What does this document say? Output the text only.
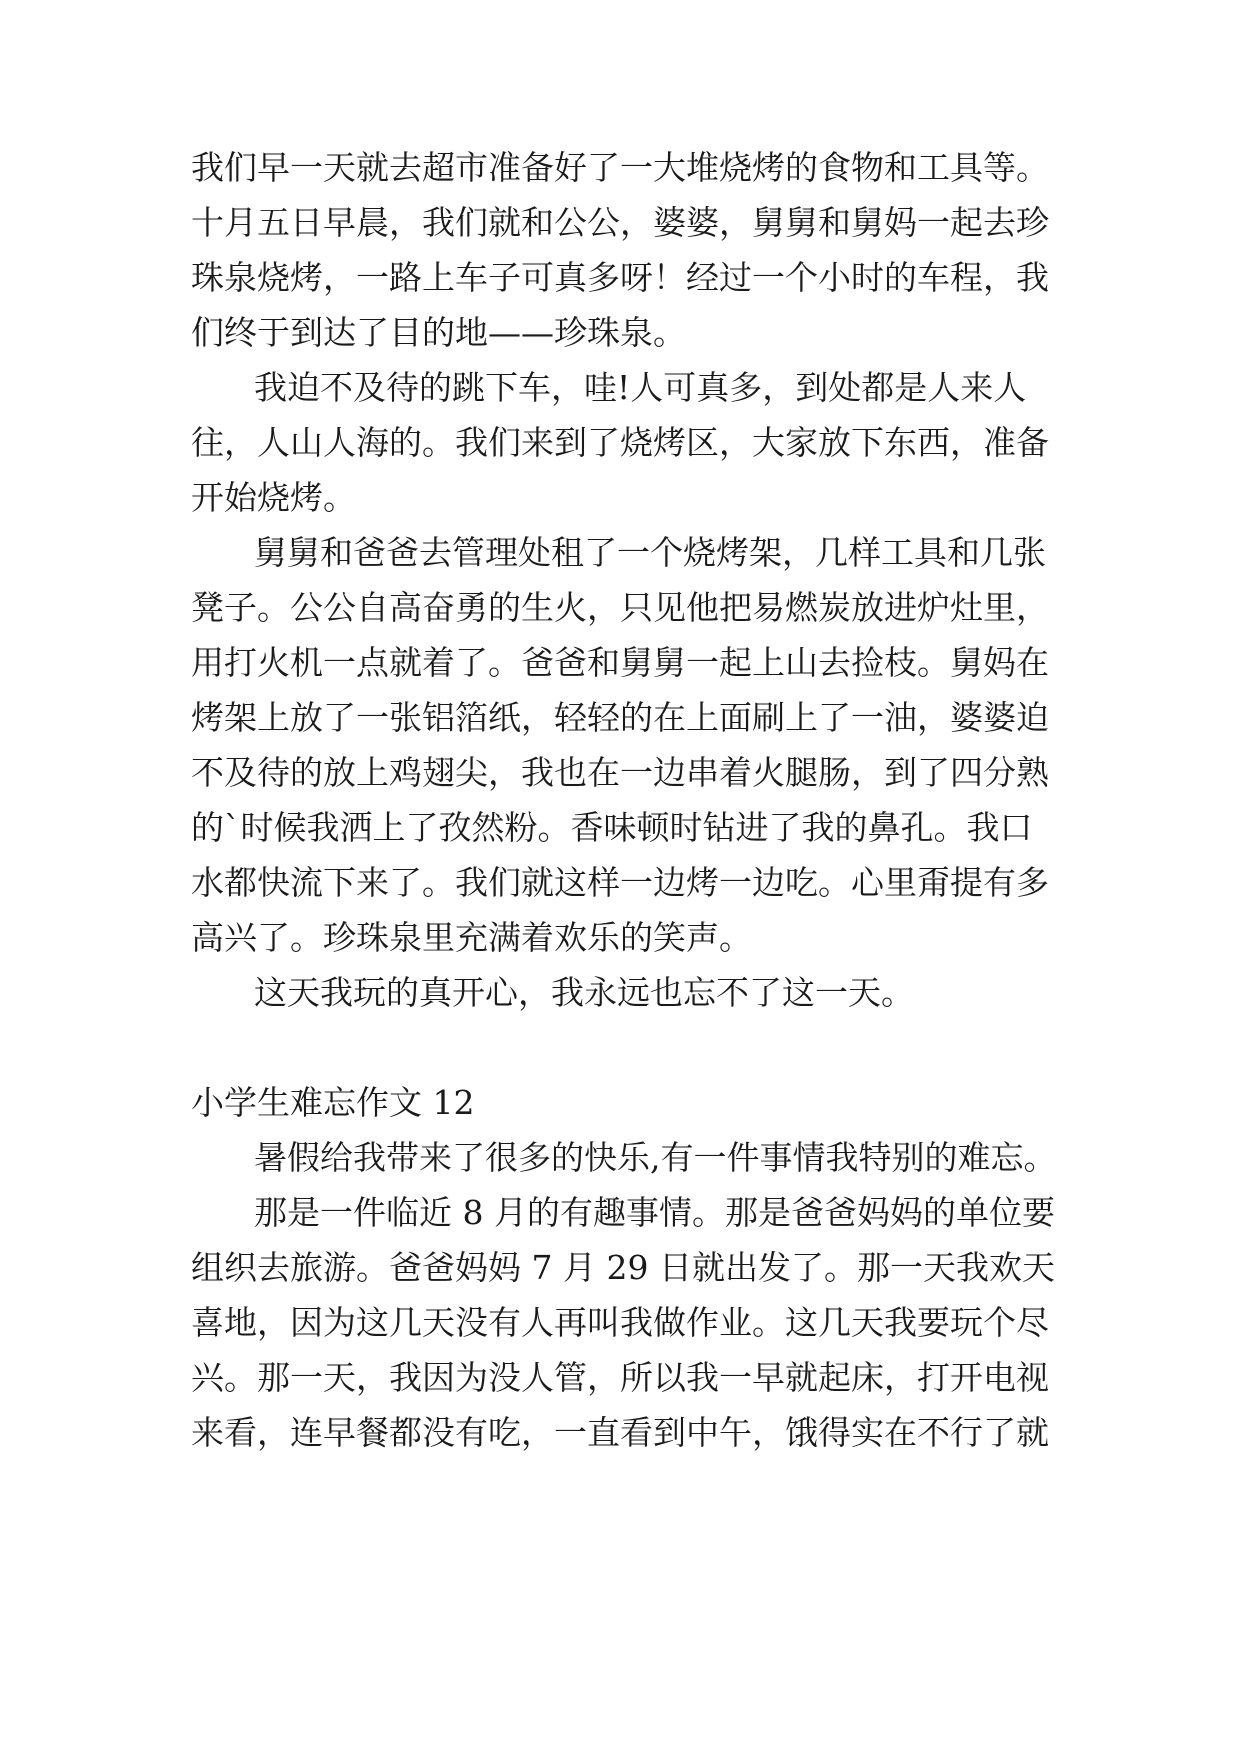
我们早一天就去超市准备好了一大堆烧烤的食物和工具等。

十月五日早晨，我们就和公公，婆婆，舅舅和舅妈一起去珍

珠泉烧烤，一路上车子可真多呀！经过一个小时的车程，我

们终于到达了目的地——珍珠泉。

我迫不及待的跳下车，哇!人可真多，到处都是人来人

往，人山人海的。我们来到了烧烤区，大家放下东西，准备

开始烧烤。

舅舅和爸爸去管理处租了一个烧烤架，几样工具和几张

凳子。公公自高奋勇的生火，只见他把易燃炭放进炉灶里，

用打火机一点就着了。爸爸和舅舅一起上山去捡枝。舅妈在

烤架上放了一张铝箔纸，轻轻的在上面刷上了一油，婆婆迫

不及待的放上鸡翅尖，我也在一边串着火腿肠，到了四分熟

的`时候我洒上了孜然粉。香味顿时钻进了我的鼻孔。我口

水都快流下来了。我们就这样一边烤一边吃。心里甭提有多

高兴了。珍珠泉里充满着欢乐的笑声。

这天我玩的真开心，我永远也忘不了这一天。

小学生难忘作文 12

暑假给我带来了很多的快乐,有一件事情我特别的难忘。

那是一件临近 8 月的有趣事情。那是爸爸妈妈的单位要

组织去旅游。爸爸妈妈 7 月 29 日就出发了。那一天我欢天

喜地，因为这几天没有人再叫我做作业。这几天我要玩个尽

兴。那一天，我因为没人管，所以我一早就起床，打开电视

来看，连早餐都没有吃，一直看到中午，饿得实在不行了就
